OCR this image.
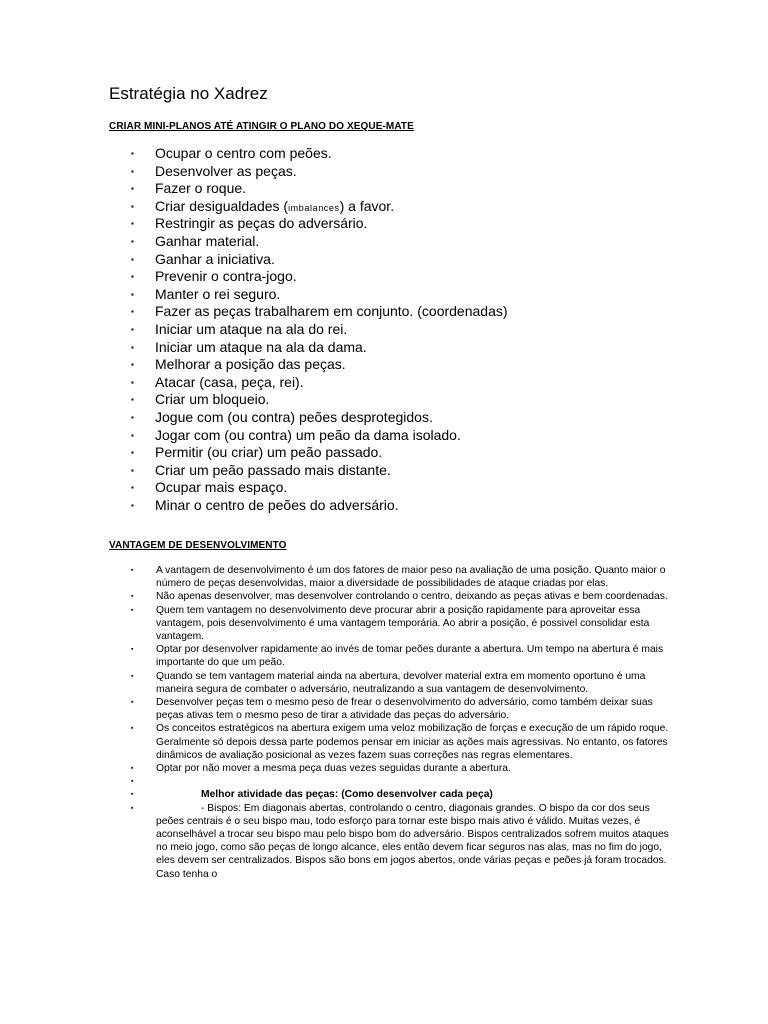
Estratégia no Xadrez
CRIAR MINI-PLANOS ATÉ ATINGIR O PLANO DO XEQUE-MATE
▪ Ocupar o centro com peões.
▪ Desenvolver as peças.
▪ Fazer o roque.
▪ Criar desigualdades (imbalances) a favor.
▪ Restringir as peças do adversário.
▪ Ganhar material.
▪ Ganhar a iniciativa.
▪ Prevenir o contra-jogo.
▪ Manter o rei seguro.
▪ Fazer as peças trabalharem em conjunto. (coordenadas)
▪ Iniciar um ataque na ala do rei.
▪ Iniciar um ataque na ala da dama.
▪ Melhorar a posição das peças.
▪ Atacar (casa, peça, rei).
▪ Criar um bloqueio.
▪ Jogue com (ou contra) peões desprotegidos.
▪ Jogar com (ou contra) um peão da dama isolado.
▪ Permitir (ou criar) um peão passado.
▪ Criar um peão passado mais distante.
▪ Ocupar mais espaço.
▪ Minar o centro de peões do adversário.
VANTAGEM DE DESENVOLVIMENTO
▪ A vantagem de desenvolvimento é um dos fatores de maior peso na avaliação de uma posição. Quanto maior o número de peças desenvolvidas, maior a diversidade de possibilidades de ataque criadas por elas.
▪ Não apenas desenvolver, mas desenvolver controlando o centro, deixando as peças ativas e bem coordenadas.
▪ Quem tem vantagem no desenvolvimento deve procurar abrir a posição rapidamente para aproveitar essa vantagem, pois desenvolvimento é uma vantagem temporária. Ao abrir a posição, é possivel consolidar esta vantagem.
▪ Optar por desenvolver rapidamente ao invés de tomar peões durante a abertura. Um tempo na abertura é mais importante do que um peão.
▪ Quando se tem vantagem material ainda na abertura, devolver material extra em momento oportuno é uma maneira segura de combater o adversário, neutralizando a sua vantagem de desenvolvimento.
▪ Desenvolver peças tem o mesmo peso de frear o desenvolvimento do adversário, como também deixar suas peças ativas tem o mesmo peso de tirar a atividade das peças do adversário.
▪ Os conceitos estratégicos na abertura exigem uma veloz mobilização de forças e execução de um rápido roque. Geralmente só depois dessa parte podemos pensar em iniciar as ações mais agressivas. No entanto, os fatores dinâmicos de avaliação posicional as vezes fazem suas correções nas regras elementares.
▪ Optar por não mover a mesma peça duas vezes seguidas durante a abertura.
▪
▪	Melhor atividade das peças: (Como desenvolver cada peça)
▪	- Bispos: Em diagonais abertas, controlando o centro, diagonais grandes. O bispo da cor dos seus peões centrais é o seu bispo mau, todo esforço para tornar este bispo mais ativo é válido. Muitas vezes, é aconselhável a trocar seu bispo mau pelo bispo bom do adversário. Bispos centralizados sofrem muitos ataques no meio jogo, como são peças de longo alcance, eles então devem ficar seguros nas alas, mas no fim do jogo, eles devem ser centralizados. Bispos são bons em jogos abertos, onde várias peças e peões já foram trocados. Caso tenha o
